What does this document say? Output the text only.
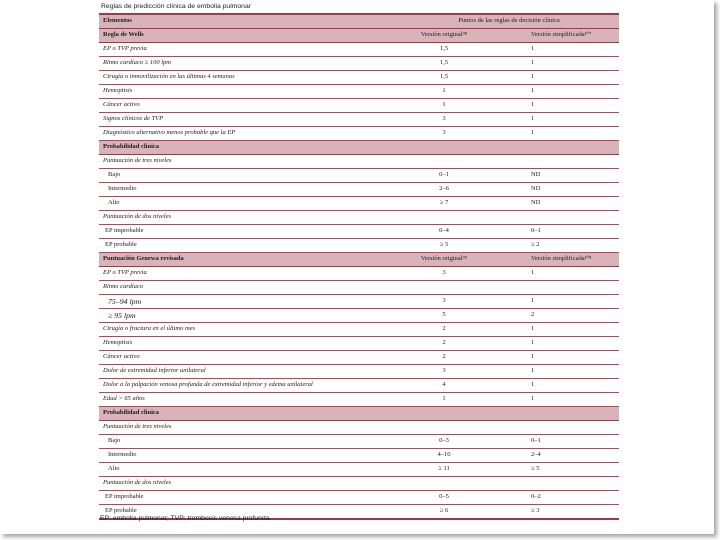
Reglas de predicción clínica de embolia pulmonar
Elementos	Puntos de las reglas de decisión clínica	
Regla de Wells	Versión original⁹⁸	Versión simplificada¹⁰⁷
EP o TVP previa	1,5	1
Ritmo cardíaco ≥ 100 lpm	1,5	1
Cirugía o inmovilización en las últimas 4 semanas	1,5	1
Hemoptisis	1	1
Cáncer activo	1	1
Signos clínicos de TVP	3	1
Diagnóstico alternativo menos probable que la EP	3	1
Probabilidad clínica		
Puntuación de tres niveles		
Bajo	0–1	ND
Intermedio	2–6	ND
Alto	≥ 7	ND
Puntuación de dos niveles		
EP improbable	0–4	0–1
EP probable	≥ 5	≥ 2
Puntuación Genewa revisada	Versión original⁹⁹	Versión simplificada¹⁰⁸
EP o TVP previa	3	1
Ritmo cardíaco		
75–94 lpm	3	1
≥ 95 lpm	5	2
Cirugía o fractura en el último mes	2	1
Hemoptisis	2	1
Cáncer activo	2	1
Dolor de extremidad inferior unilateral	3	1
Dolor a la palpación venosa profunda de extremidad inferior y edema unilateral	4	1
Edad > 65 años	1	1
Probabilidad clínica		
Puntuación de tres niveles		
Bajo	0–3	0–1
Intermedio	4–10	2–4
Alto	≥ 11	≥ 5
Puntuación de dos niveles		
EP improbable	0–5	0–2
EP probable	≥ 6	≥ 3
EP: embolia pulmonar; TVP: trombosis venosa profunda.
